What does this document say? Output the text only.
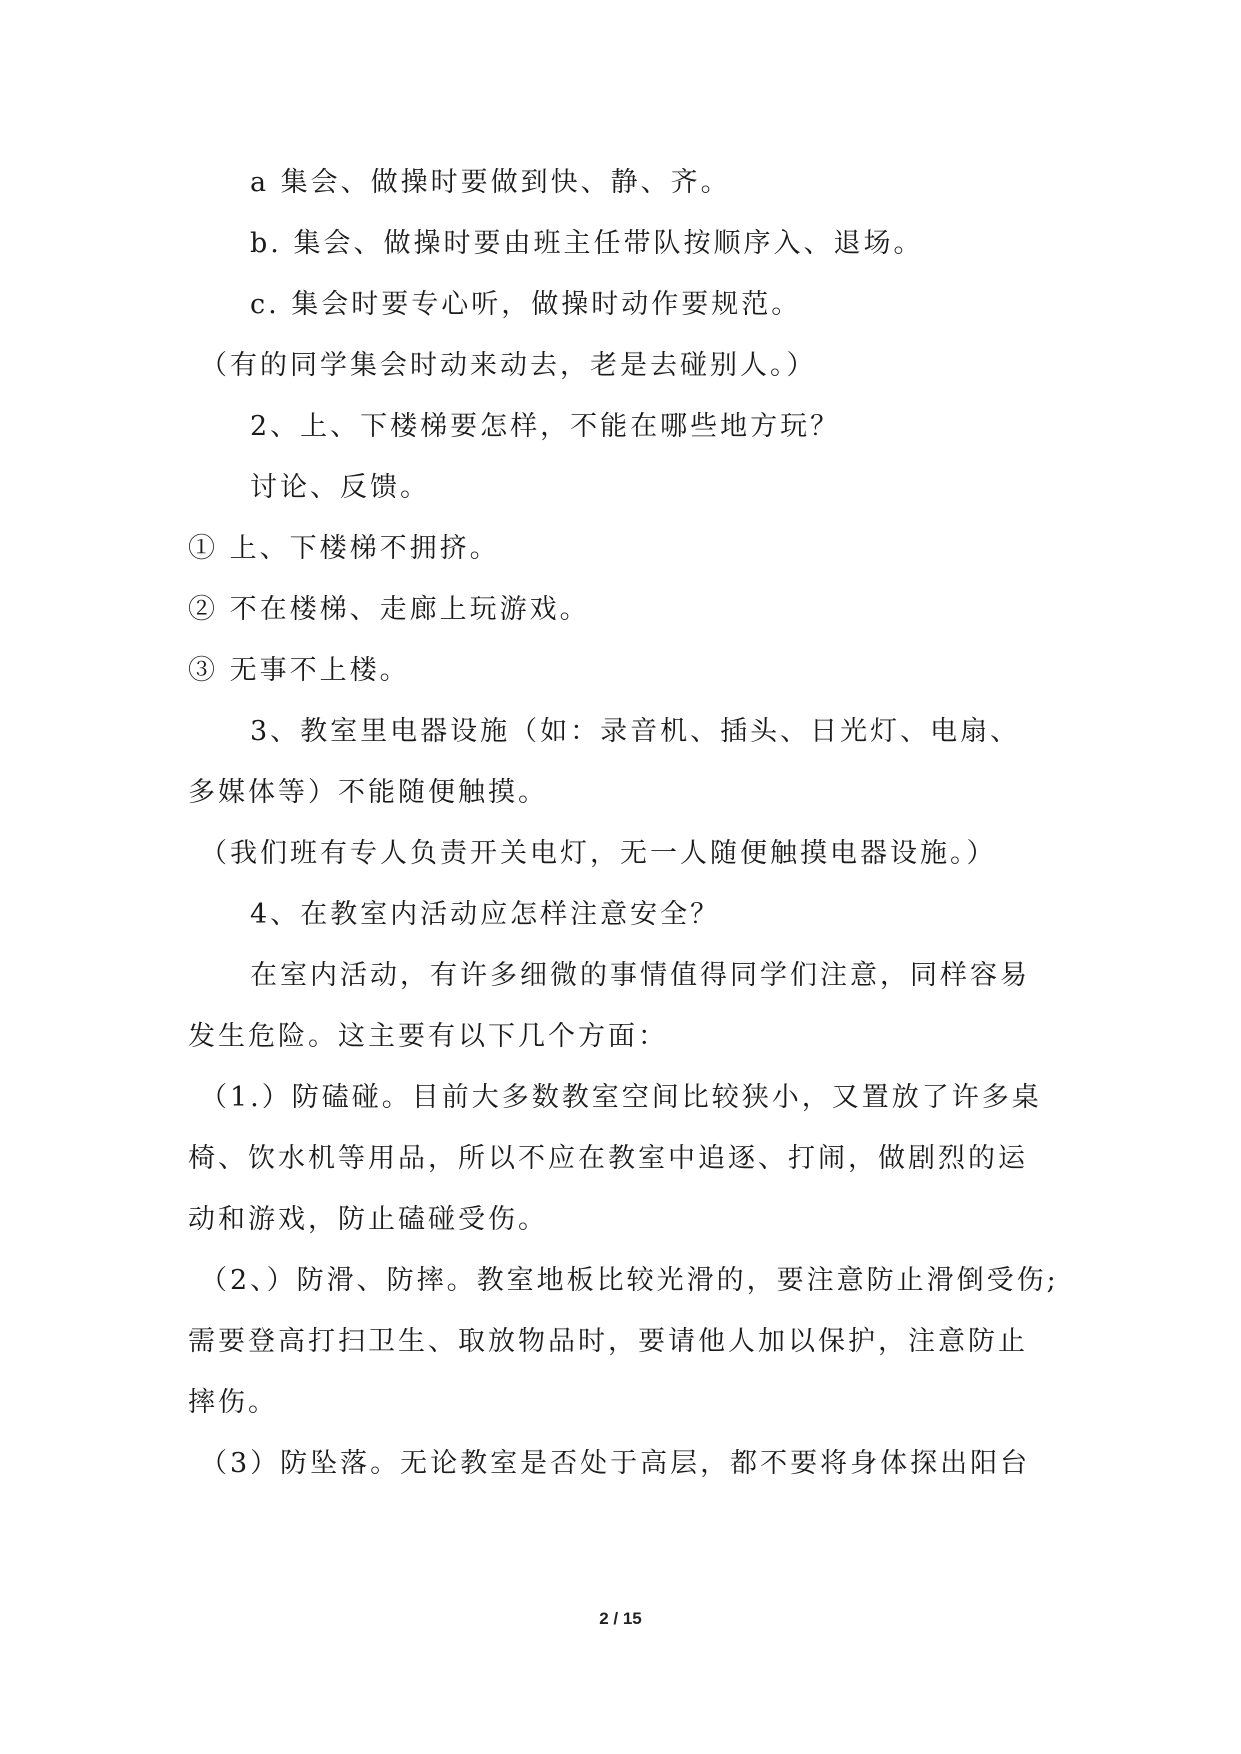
a 集会、做操时要做到快、静、齐。
b. 集会、做操时要由班主任带队按顺序入、退场。
c. 集会时要专心听，做操时动作要规范。
（有的同学集会时动来动去，老是去碰别人。）
2、上、下楼梯要怎样，不能在哪些地方玩？
讨论、反馈。
① 上、下楼梯不拥挤。
② 不在楼梯、走廊上玩游戏。
③ 无事不上楼。
3、教室里电器设施（如：录音机、插头、日光灯、电扇、
多媒体等）不能随便触摸。
（我们班有专人负责开关电灯，无一人随便触摸电器设施。）
4、在教室内活动应怎样注意安全？
在室内活动，有许多细微的事情值得同学们注意，同样容易
发生危险。这主要有以下几个方面：
（1.）防磕碰。目前大多数教室空间比较狭小，又置放了许多桌
椅、饮水机等用品，所以不应在教室中追逐、打闹，做剧烈的运
动和游戏，防止磕碰受伤。
（2、）防滑、防摔。教室地板比较光滑的，要注意防止滑倒受伤;
需要登高打扫卫生、取放物品时，要请他人加以保护，注意防止
摔伤。
（3）防坠落。无论教室是否处于高层，都不要将身体探出阳台
2 / 15
